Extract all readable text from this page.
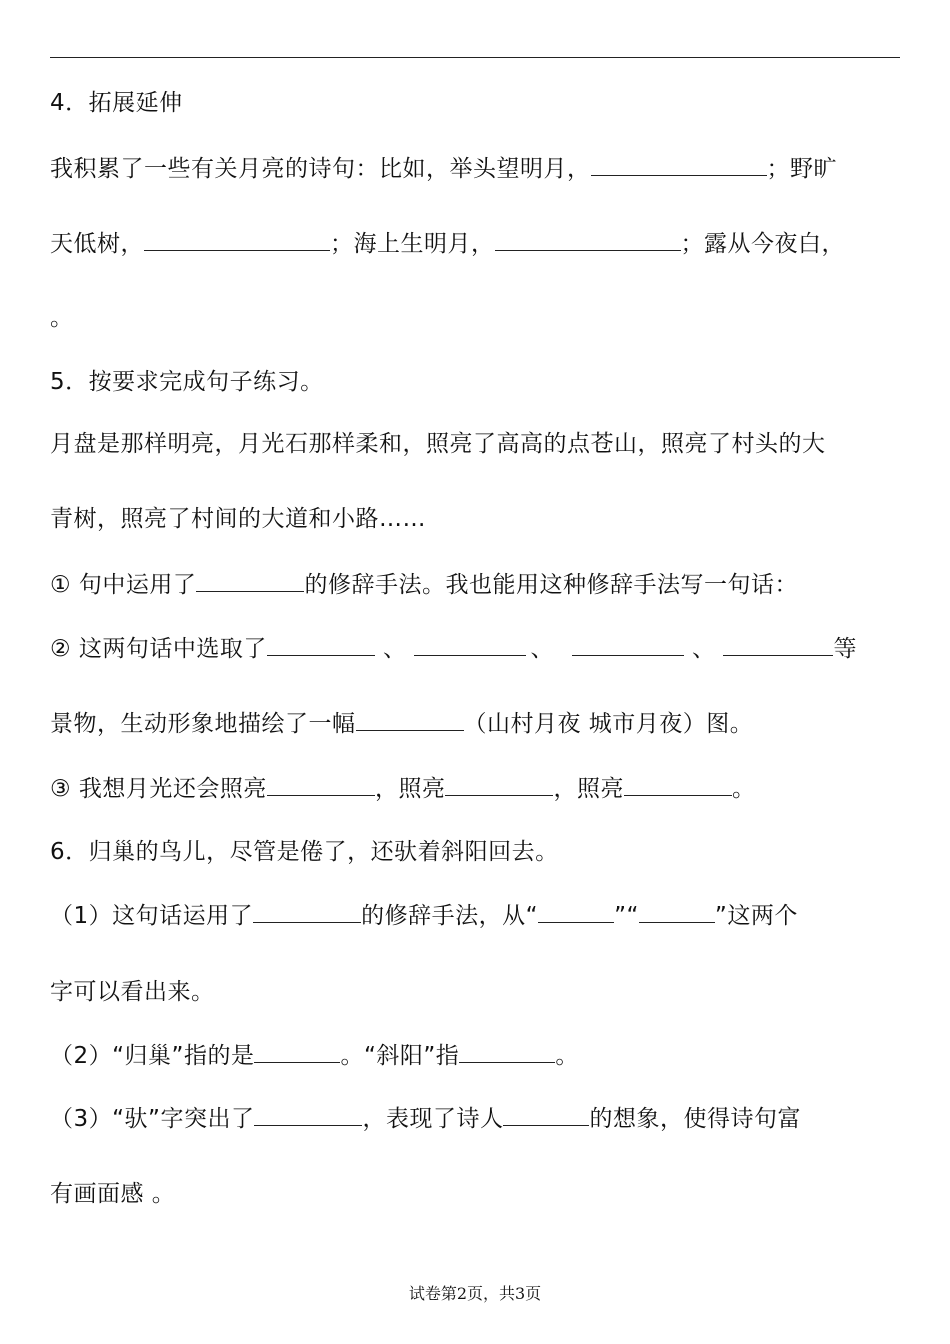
4．拓展延伸
我积累了一些有关月亮的诗句：比如，举头望明月，	；野旷
天低树，	；海上生明月，	；露从今夜白，
。
5．按要求完成句子练习。
月盘是那样明亮，月光石那样柔和，照亮了高高的点苍山，照亮了村头的大
青树，照亮了村间的大道和小路……
① 句中运用了	的修辞手法。我也能用这种修辞手法写一句话：
② 这两句话中选取了	、	、	、	等
景物，生动形象地描绘了一幅	（山村月夜 城市月夜）图。
③ 我想月光还会照亮	，照亮	，照亮	。
6．归巢的鸟儿，尽管是倦了，还驮着斜阳回去。
（1）这句话运用了	的修辞手法，从“	”“	”这两个
字可以看出来。
（2）“归巢”指的是	。“斜阳”指	。
（3）“驮”字突出了	，表现了诗人	的想象，使得诗句富
有画面感 。
试卷第2页，共3页
